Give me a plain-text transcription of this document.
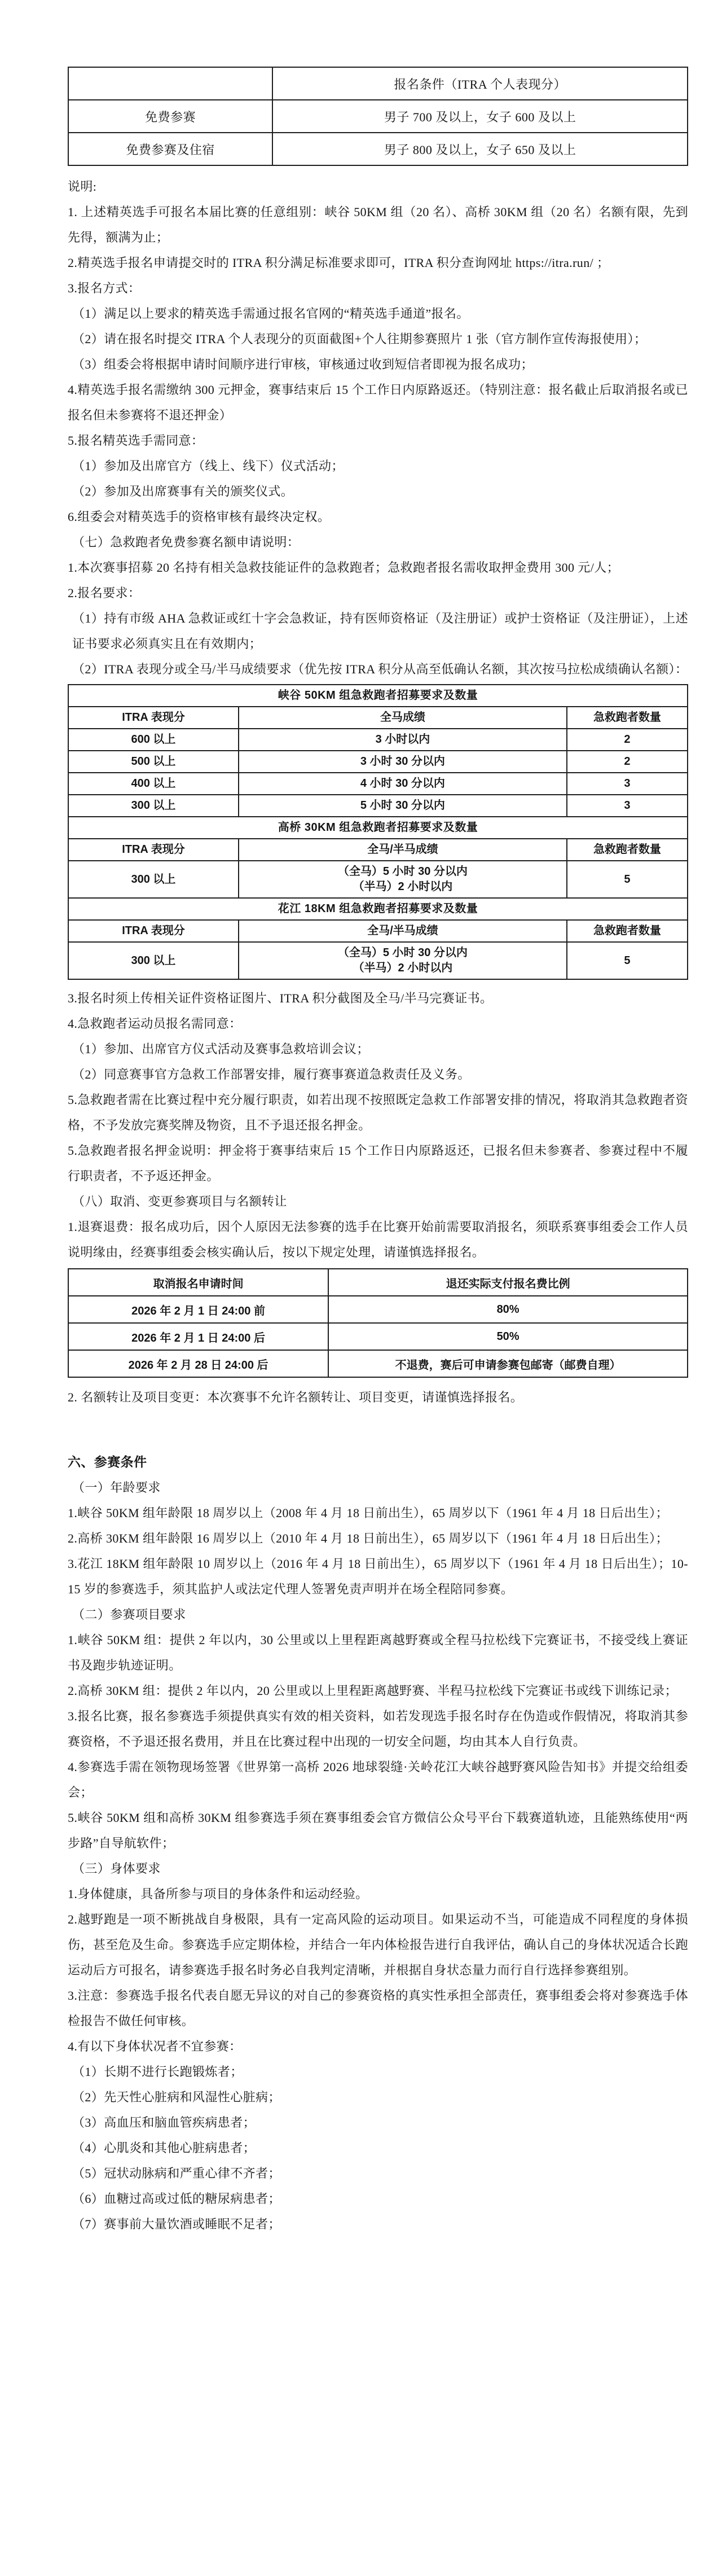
	报名条件（ITRA 个人表现分）
免费参赛	男子 700 及以上，女子 600 及以上
免费参赛及住宿	男子 800 及以上，女子 650 及以上

说明:

1. 上述精英选手可报名本届比赛的任意组别：峡谷 50KM 组（20 名）、高桥 30KM 组（20 名）名额有限，先到先得，额满为止；

2.精英选手报名申请提交时的 ITRA 积分满足标准要求即可，ITRA 积分查询网址 https://itra.run/ ；

3.报名方式：

（1）满足以上要求的精英选手需通过报名官网的“精英选手通道”报名。

（2）请在报名时提交 ITRA 个人表现分的页面截图+个人往期参赛照片 1 张（官方制作宣传海报使用）；

（3）组委会将根据申请时间顺序进行审核，审核通过收到短信者即视为报名成功；

4.精英选手报名需缴纳 300 元押金，赛事结束后 15 个工作日内原路返还。（特别注意：报名截止后取消报名或已报名但未参赛将不退还押金）

5.报名精英选手需同意：

（1）参加及出席官方（线上、线下）仪式活动；

（2）参加及出席赛事有关的颁奖仪式。

6.组委会对精英选手的资格审核有最终决定权。

（七）急救跑者免费参赛名额申请说明：

1.本次赛事招募 20 名持有相关急救技能证件的急救跑者；急救跑者报名需收取押金费用 300 元/人；

2.报名要求：

（1）持有市级 AHA 急救证或红十字会急救证，持有医师资格证（及注册证）或护士资格证（及注册证），上述证书要求必须真实且在有效期内；

（2）ITRA 表现分或全马/半马成绩要求（优先按 ITRA 积分从高至低确认名额，其次按马拉松成绩确认名额）：

峡谷 50KM 组急救跑者招募要求及数量		
ITRA 表现分	全马成绩	急救跑者数量
600 以上	3 小时以内	2
500 以上	3 小时 30 分以内	2
400 以上	4 小时 30 分以内	3
300 以上	5 小时 30 分以内	3
高桥 30KM 组急救跑者招募要求及数量		
ITRA 表现分	全马/半马成绩	急救跑者数量
300 以上	（全马）5 小时 30 分以内
（半马）2 小时以内	5
花江 18KM 组急救跑者招募要求及数量		
ITRA 表现分	全马/半马成绩	急救跑者数量
300 以上	（全马）5 小时 30 分以内
（半马）2 小时以内	5

3.报名时须上传相关证件资格证图片、ITRA 积分截图及全马/半马完赛证书。

4.急救跑者运动员报名需同意：

（1）参加、出席官方仪式活动及赛事急救培训会议；

（2）同意赛事官方急救工作部署安排，履行赛事赛道急救责任及义务。

5.急救跑者需在比赛过程中充分履行职责，如若出现不按照既定急救工作部署安排的情况，将取消其急救跑者资格，不予发放完赛奖牌及物资，且不予退还报名押金。

5.急救跑者报名押金说明：押金将于赛事结束后 15 个工作日内原路返还，已报名但未参赛者、参赛过程中不履行职责者，不予返还押金。

（八）取消、变更参赛项目与名额转让

1.退赛退费：报名成功后，因个人原因无法参赛的选手在比赛开始前需要取消报名，须联系赛事组委会工作人员说明缘由，经赛事组委会核实确认后，按以下规定处理，请谨慎选择报名。

取消报名申请时间	退还实际支付报名费比例
2026 年 2 月 1 日 24:00 前	80%
2026 年 2 月 1 日 24:00 后	50%
2026 年 2 月 28 日 24:00 后	不退费，赛后可申请参赛包邮寄（邮费自理）

2. 名额转让及项目变更：本次赛事不允许名额转让、项目变更，请谨慎选择报名。

六、参赛条件

（一）年龄要求

1.峡谷 50KM 组年龄限 18 周岁以上（2008 年 4 月 18 日前出生），65 周岁以下（1961 年 4 月 18 日后出生）；

2.高桥 30KM 组年龄限 16 周岁以上（2010 年 4 月 18 日前出生），65 周岁以下（1961 年 4 月 18 日后出生）；

3.花江 18KM 组年龄限 10 周岁以上（2016 年 4 月 18 日前出生），65 周岁以下（1961 年 4 月 18 日后出生）；10-15 岁的参赛选手，须其监护人或法定代理人签署免责声明并在场全程陪同参赛。

（二）参赛项目要求

1.峡谷 50KM 组：提供 2 年以内，30 公里或以上里程距离越野赛或全程马拉松线下完赛证书，不接受线上赛证书及跑步轨迹证明。

2.高桥 30KM 组：提供 2 年以内，20 公里或以上里程距离越野赛、半程马拉松线下完赛证书或线下训练记录；

3.报名比赛，报名参赛选手须提供真实有效的相关资料，如若发现选手报名时存在伪造或作假情况，将取消其参赛资格，不予退还报名费用，并且在比赛过程中出现的一切安全问题，均由其本人自行负责。

4.参赛选手需在领物现场签署《世界第一高桥 2026 地球裂缝·关岭花江大峡谷越野赛风险告知书》并提交给组委会；

5.峡谷 50KM 组和高桥 30KM 组参赛选手须在赛事组委会官方微信公众号平台下载赛道轨迹，且能熟练使用“两步路”自导航软件；

（三）身体要求

1.身体健康，具备所参与项目的身体条件和运动经验。

2.越野跑是一项不断挑战自身极限，具有一定高风险的运动项目。如果运动不当，可能造成不同程度的身体损伤，甚至危及生命。参赛选手应定期体检，并结合一年内体检报告进行自我评估，确认自己的身体状况适合长跑运动后方可报名，请参赛选手报名时务必自我判定清晰，并根据自身状态量力而行自行选择参赛组别。

3.注意：参赛选手报名代表自愿无异议的对自己的参赛资格的真实性承担全部责任，赛事组委会将对参赛选手体检报告不做任何审核。

4.有以下身体状况者不宜参赛：

（1）长期不进行长跑锻炼者；

（2）先天性心脏病和风湿性心脏病；

（3）高血压和脑血管疾病患者；

（4）心肌炎和其他心脏病患者；

（5）冠状动脉病和严重心律不齐者；

（6）血糖过高或过低的糖尿病患者；

（7）赛事前大量饮酒或睡眠不足者；
